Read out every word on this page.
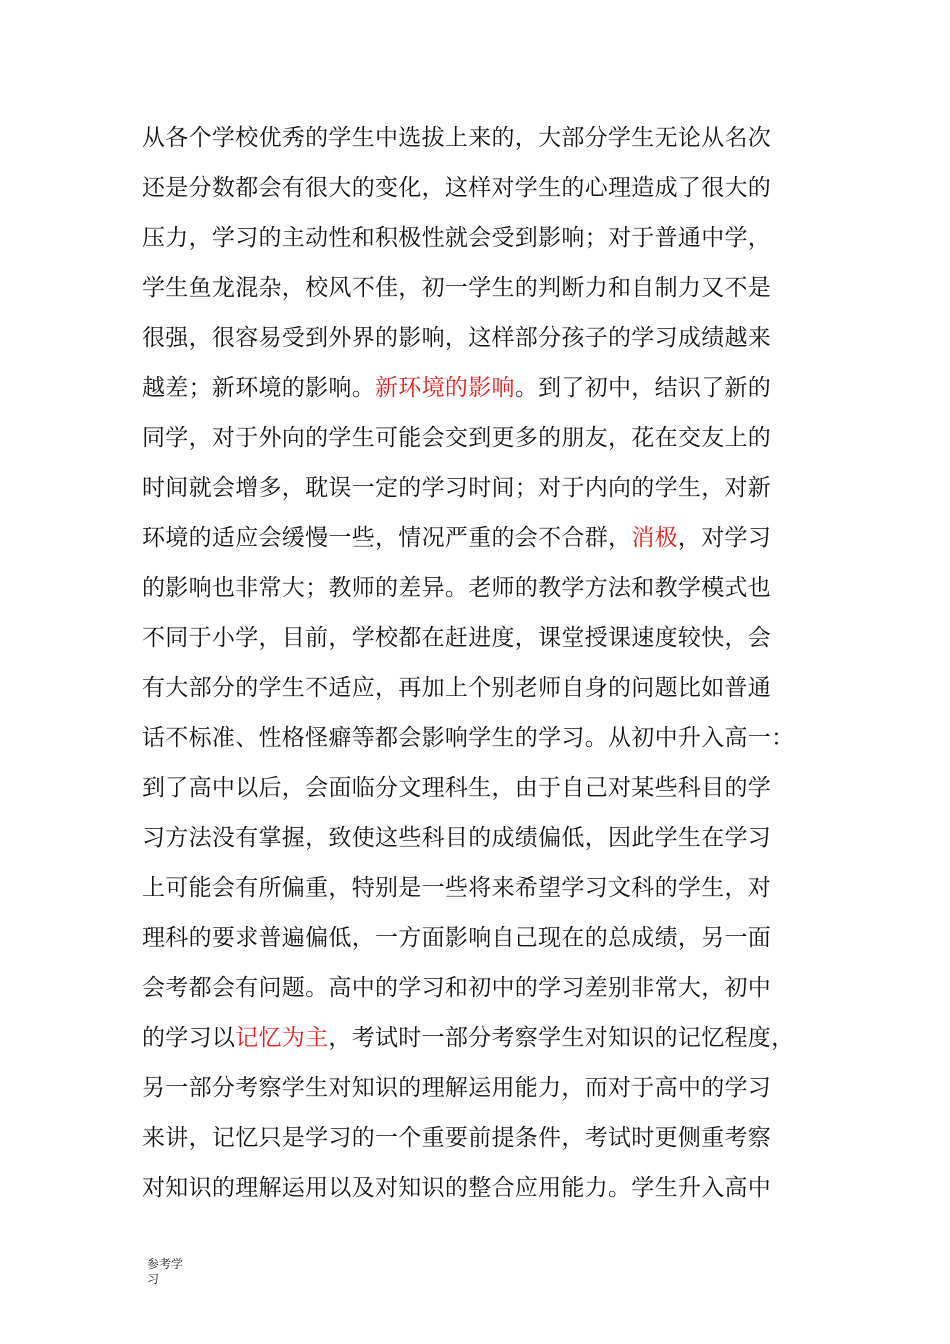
从各个学校优秀的学生中选拔上来的，大部分学生无论从名次
还是分数都会有很大的变化，这样对学生的心理造成了很大的
压力，学习的主动性和积极性就会受到影响；对于普通中学，
学生鱼龙混杂，校风不佳，初一学生的判断力和自制力又不是
很强，很容易受到外界的影响，这样部分孩子的学习成绩越来
越差；新环境的影响。新环境的影响。到了初中，结识了新的
同学，对于外向的学生可能会交到更多的朋友，花在交友上的
时间就会增多，耽误一定的学习时间；对于内向的学生，对新
环境的适应会缓慢一些，情况严重的会不合群，消极，对学习
的影响也非常大；教师的差异。老师的教学方法和教学模式也
不同于小学，目前，学校都在赶进度，课堂授课速度较快，会
有大部分的学生不适应，再加上个别老师自身的问题比如普通
话不标准、性格怪癖等都会影响学生的学习。从初中升入高一：
到了高中以后，会面临分文理科生，由于自己对某些科目的学
习方法没有掌握，致使这些科目的成绩偏低，因此学生在学习
上可能会有所偏重，特别是一些将来希望学习文科的学生，对
理科的要求普遍偏低，一方面影响自己现在的总成绩，另一面
会考都会有问题。高中的学习和初中的学习差别非常大，初中
的学习以记忆为主，考试时一部分考察学生对知识的记忆程度，
另一部分考察学生对知识的理解运用能力，而对于高中的学习
来讲，记忆只是学习的一个重要前提条件，考试时更侧重考察
对知识的理解运用以及对知识的整合应用能力。学生升入高中
参考学
习
